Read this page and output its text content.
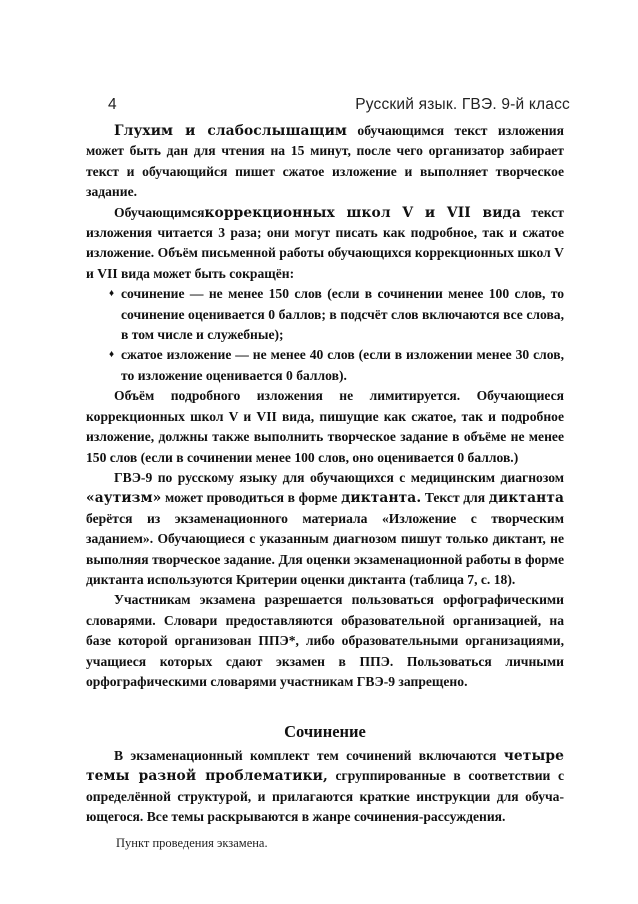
4	Русский язык. ГВЭ. 9-й класс

Глухим и слабослышащим обучающимся текст изложения может быть дан для чтения на 15 минут, после чего организатор забирает текст и обучающийся пишет сжатое изложение и выполняет творческое задание.

Обучающимсякоррекционных школ V и VII вида текст изложения читается 3 раза; они могут писать как подробное, так и сжатое изложение. Объём письменной работы обучающихся коррекционных школ V и VII вида может быть сокращён:

♦ сочинение — не менее 150 слов (если в сочинении менее 100 слов, то сочинение оценивается 0 баллов; в подсчёт слов включаются все слова, в том числе и служебные);
♦ сжатое изложение — не менее 40 слов (если в изложении менее 30 слов, то изложение оценивается 0 баллов).

Объём подробного изложения не лимитируется. Обучающиеся коррекционных школ V и VII вида, пишущие как сжатое, так и подробное изложение, должны также выполнить творческое задание в объёме не менее 150 слов (если в сочинении менее 100 слов, оно оценивается 0 баллов.)

ГВЭ-9 по русскому языку для обучающихся с медицинским диагнозом «аутизм» может проводиться в форме диктанта. Текст для диктанта берётся из экзаменационного материала «Изложение с творческим заданием». Обучающиеся с указанным диагнозом пишут только диктант, не выполняя творческое задание. Для оценки экзаменационной работы в форме диктанта используются Критерии оценки диктанта (таблица 7, с. 18).

Участникам экзамена разрешается пользоваться орфографическими словарями. Словари предоставляются образовательной организацией, на базе которой организован ППЭ*, либо образовательными организациями, учащиеся которых сдают экзамен в ППЭ. Пользоваться личными орфографическими словарями участникам ГВЭ-9 запрещено.

Сочинение

В экзаменационный комплект тем сочинений включаются четыре темы разной проблематики, сгруппированные в соответствии с определённой структурой, и прилагаются краткие инструкции для обучающегося. Все темы раскрываются в жанре сочинения-рассуждения.

Пункт проведения экзамена.
